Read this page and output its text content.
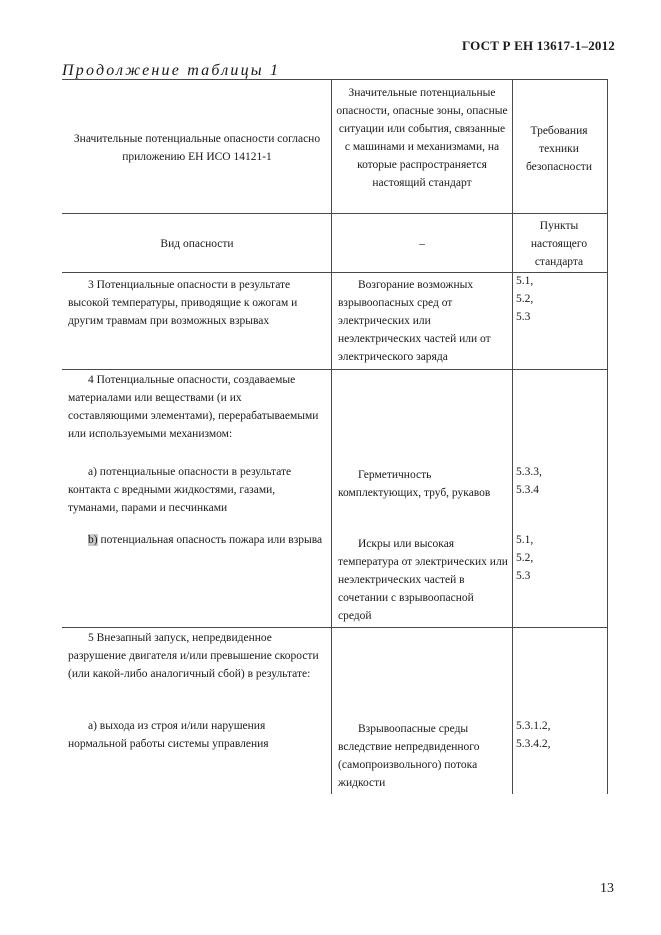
ГОСТ Р ЕН 13617-1–2012
Продолжение таблицы 1
Значительные потенциальные опасности согласно приложению ЕН ИСО 14121-1
Значительные потенциальные опасности, опасные зоны, опасные ситуации или события, связанные с машинами и механизмами, на которые распространяется настоящий стандарт
Требования техники безопасности
Вид опасности	–
Пункты настоящего стандарта
3 Потенциальные опасности в результате высокой температуры, приводящие к ожогам и другим травмам при возможных взрывах
Возгорание возможных взрывоопасных сред от электрических или неэлектрических частей или от электрического заряда
5.1, 5.2, 5.3
4 Потенциальные опасности, создаваемые материалами или веществами (и их составляющими элементами), перерабатываемыми или используемыми механизмом:
а) потенциальные опасности в результате контакта с вредными жидкостями, газами, туманами, парами и песчинками
Герметичность комплектующих, труб, рукавов
5.3.3, 5.3.4
b) потенциальная опасность пожара или взрыва	Искры или высокая температура от электрических или неэлектрических частей в сочетании с взрывоопасной средой
5.1, 5.2, 5.3
5 Внезапный запуск, непредвиденное разрушение двигателя и/или превышение скорости (или какой-либо аналогичный сбой) в результате:
а) выхода из строя и/или нарушения нормальной работы системы управления
Взрывоопасные среды вследствие непредвиденного (самопроизвольного) потока жидкости
5.3.1.2, 5.3.4.2,
13
